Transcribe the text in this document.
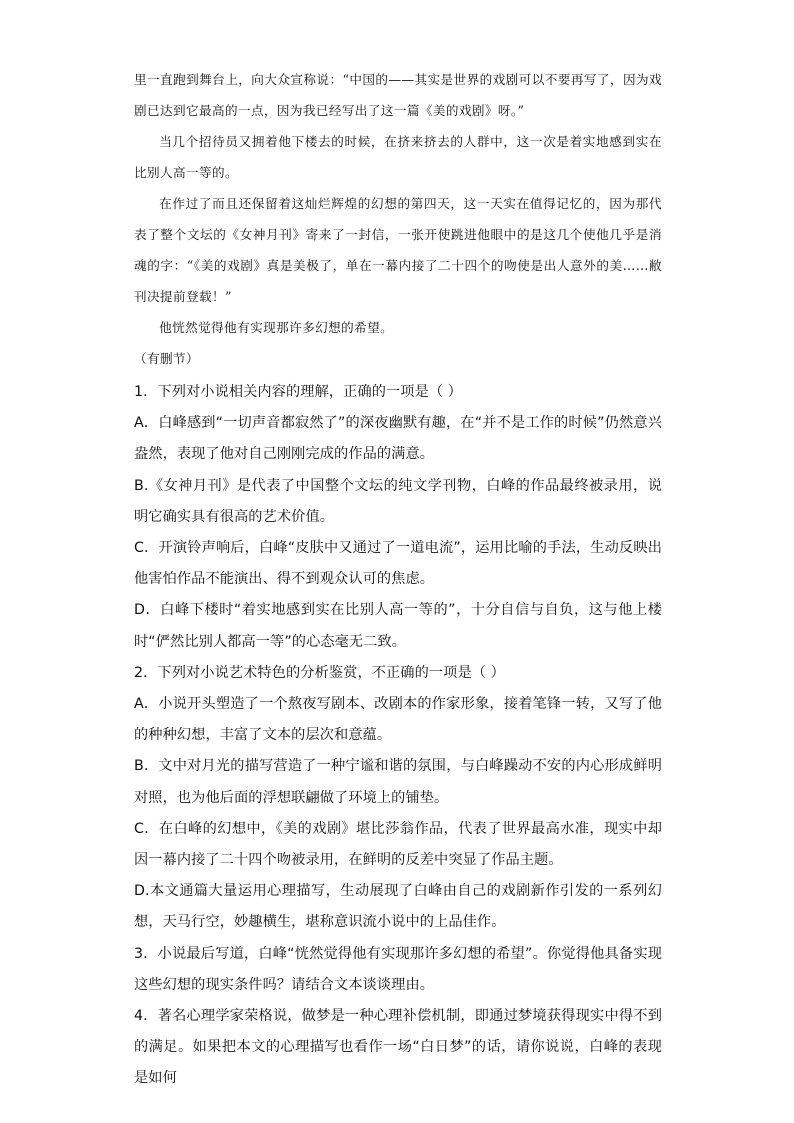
里一直跑到舞台上，向大众宣称说：“中国的——其实是世界的戏剧可以不要再写了，因为戏剧已达到它最高的一点，因为我已经写出了这一篇《美的戏剧》呀。”

当几个招待员又拥着他下楼去的时候，在挤来挤去的人群中，这一次是着实地感到实在比别人高一等的。

在作过了而且还保留着这灿烂辉煌的幻想的第四天，这一天实在值得记忆的，因为那代表了整个文坛的《女神月刊》寄来了一封信，一张开使跳进他眼中的是这几个使他几乎是消魂的字：“《美的戏剧》真是美极了，单在一幕内接了二十四个的吻使是出人意外的美……敝刊决提前登载！”

他恍然觉得他有实现那许多幻想的希望。

（有删节）

1．下列对小说相关内容的理解，正确的一项是（ ）

A．白峰感到“一切声音都寂然了”的深夜幽默有趣，在“并不是工作的时候”仍然意兴盎然，表现了他对自己刚刚完成的作品的满意。

B.《女神月刊》是代表了中国整个文坛的纯文学刊物，白峰的作品最终被录用，说明它确实具有很高的艺术价值。

C．开演铃声响后，白峰“皮肤中又通过了一道电流”，运用比喻的手法，生动反映出他害怕作品不能演出、得不到观众认可的焦虑。

D．白峰下楼时“着实地感到实在比别人高一等的”，十分自信与自负，这与他上楼时“俨然比别人都高一等”的心态毫无二致。

2．下列对小说艺术特色的分析鉴赏，不正确的一项是（ ）

A．小说开头塑造了一个熬夜写剧本、改剧本的作家形象，接着笔锋一转，又写了他的种种幻想，丰富了文本的层次和意蕴。

B．文中对月光的描写营造了一种宁谧和谐的氛围，与白峰躁动不安的内心形成鲜明对照，也为他后面的浮想联翩做了环境上的铺垫。

C．在白峰的幻想中，《美的戏剧》堪比莎翁作品，代表了世界最高水准，现实中却因一幕内接了二十四个吻被录用，在鲜明的反差中突显了作品主题。

D.本文通篇大量运用心理描写，生动展现了白峰由自己的戏剧新作引发的一系列幻想，天马行空，妙趣横生，堪称意识流小说中的上品佳作。

3．小说最后写道，白峰“恍然觉得他有实现那许多幻想的希望”。你觉得他具备实现这些幻想的现实条件吗？请结合文本谈谈理由。

4．著名心理学家荣格说，做梦是一种心理补偿机制，即通过梦境获得现实中得不到的满足。如果把本文的心理描写也看作一场“白日梦”的话，请你说说，白峰的表现是如何
